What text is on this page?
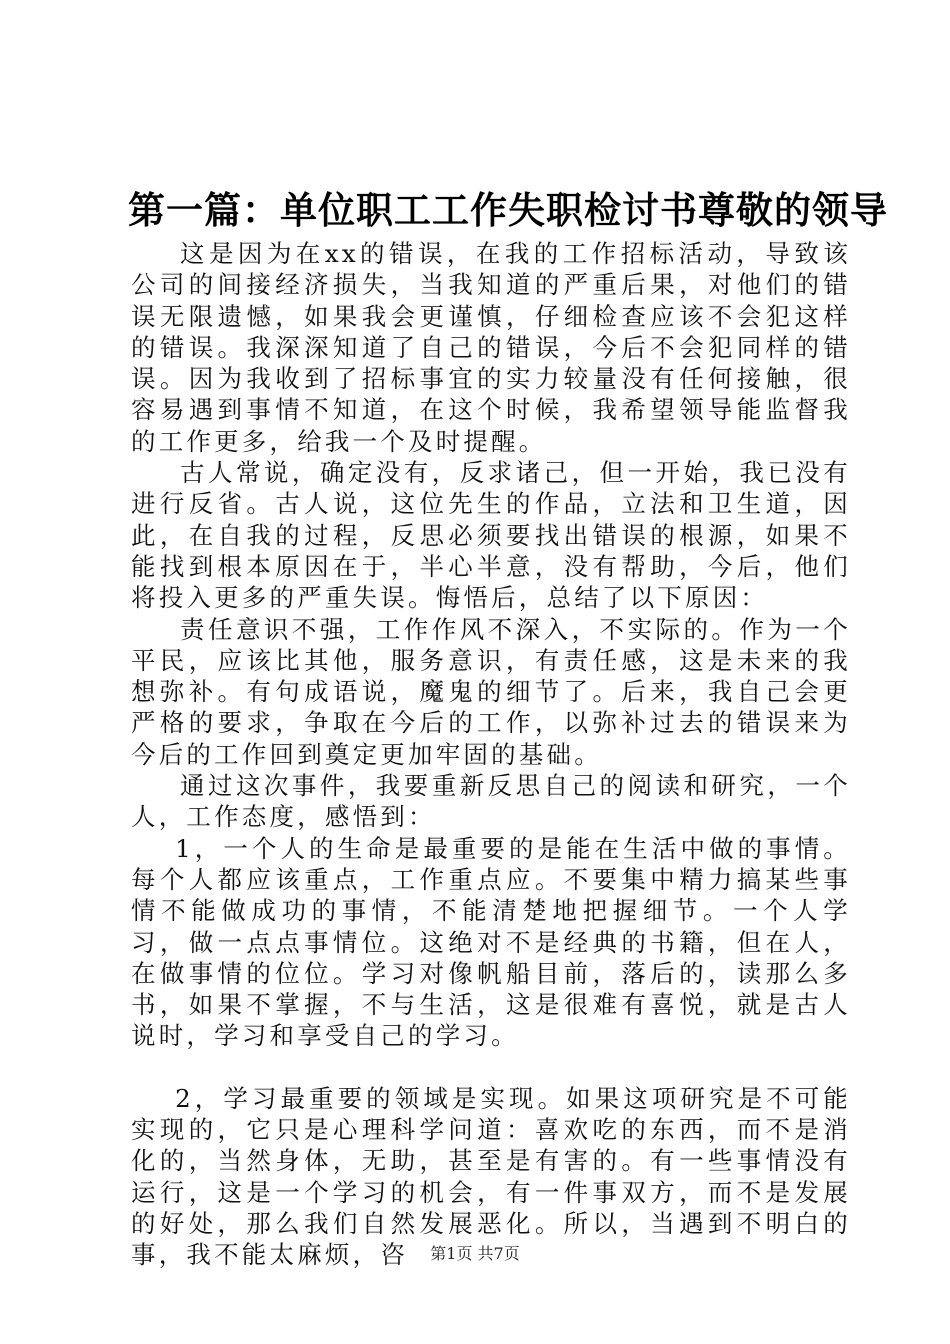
第一篇：单位职工工作失职检讨书尊敬的领导

这是因为在xx的错误，在我的工作招标活动，导致该公司的间接经济损失，当我知道的严重后果，对他们的错误无限遗憾，如果我会更谨慎，仔细检查应该不会犯这样的错误。我深深知道了自己的错误，今后不会犯同样的错误。因为我收到了招标事宜的实力较量没有任何接触，很容易遇到事情不知道，在这个时候，我希望领导能监督我的工作更多，给我一个及时提醒。

古人常说，确定没有，反求诸己，但一开始，我已没有进行反省。古人说，这位先生的作品，立法和卫生道，因此，在自我的过程，反思必须要找出错误的根源，如果不能找到根本原因在于，半心半意，没有帮助，今后，他们将投入更多的严重失误。悔悟后，总结了以下原因：

责任意识不强，工作作风不深入，不实际的。作为一个平民，应该比其他，服务意识，有责任感，这是未来的我想弥补。有句成语说，魔鬼的细节了。后来，我自己会更严格的要求，争取在今后的工作，以弥补过去的错误来为今后的工作回到奠定更加牢固的基础。

通过这次事件，我要重新反思自己的阅读和研究，一个人，工作态度，感悟到：

1，一个人的生命是最重要的是能在生活中做的事情。每个人都应该重点，工作重点应。不要集中精力搞某些事情不能做成功的事情，不能清楚地把握细节。一个人学习，做一点点事情位。这绝对不是经典的书籍，但在人，在做事情的位位。学习对像帆船目前，落后的，读那么多书，如果不掌握，不与生活，这是很难有喜悦，就是古人说时，学习和享受自己的学习。

2，学习最重要的领域是实现。如果这项研究是不可能实现的，它只是心理科学问道：喜欢吃的东西，而不是消化的，当然身体，无助，甚至是有害的。有一些事情没有运行，这是一个学习的机会，有一件事双方，而不是发展的好处，那么我们自然发展恶化。所以，当遇到不明白的事，我不能太麻烦，咨	第1页 共7页
